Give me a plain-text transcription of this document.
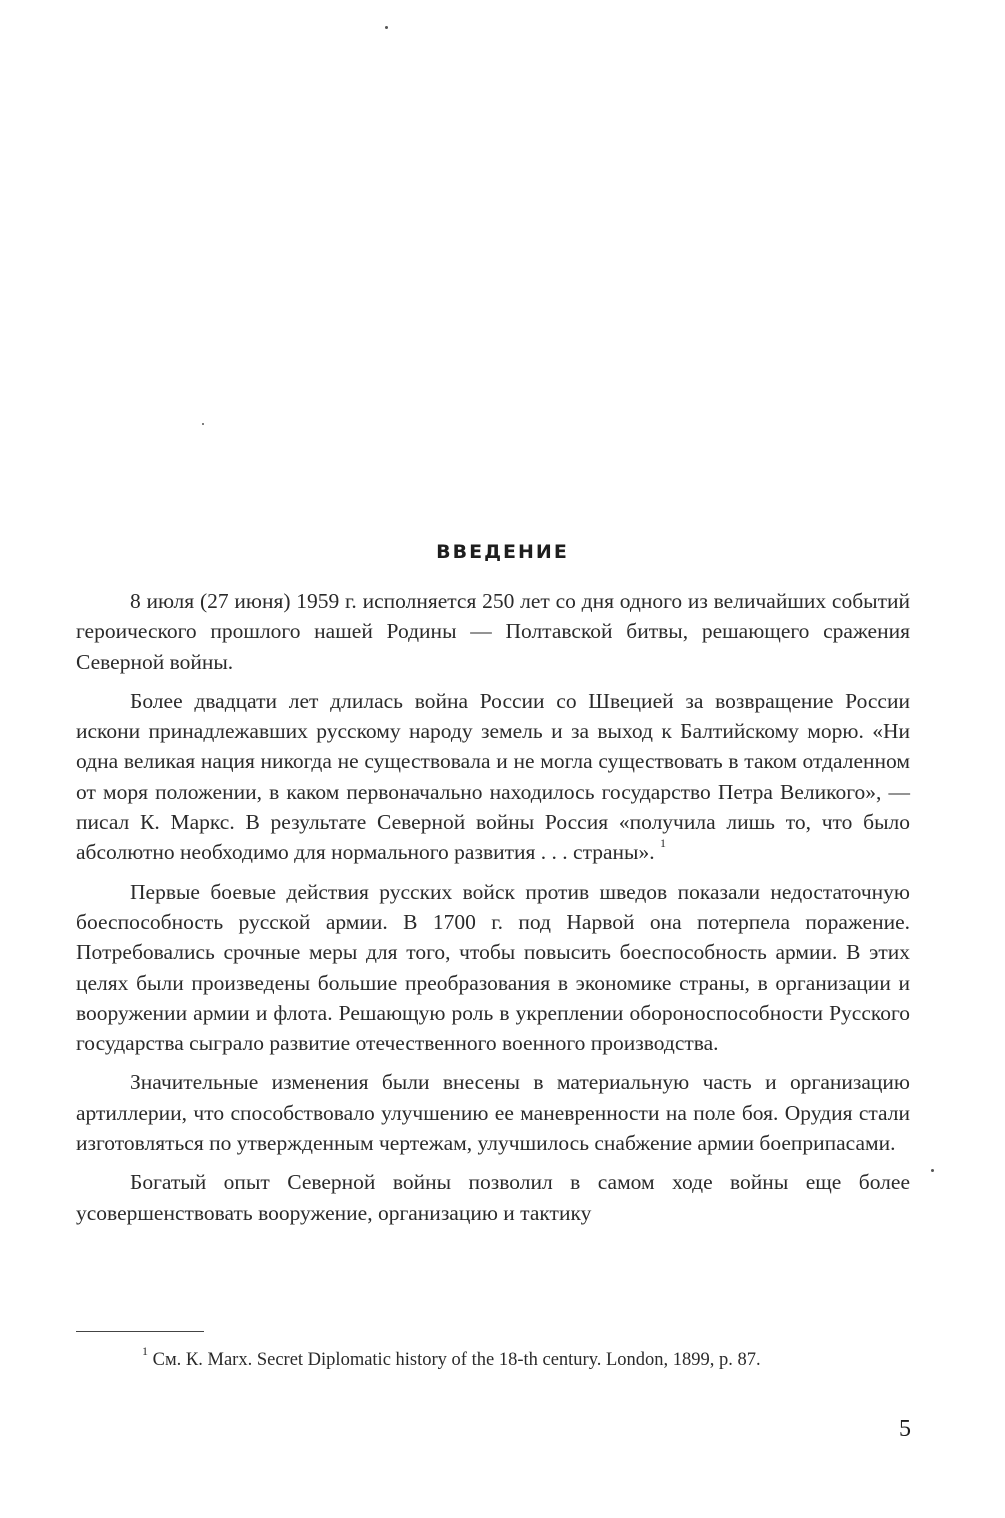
ВВЕДЕНИЕ

8 июля (27 июня) 1959 г. исполняется 250 лет со дня одного из величайших событий героического прошлого нашей Родины — Полтавской битвы, решающего сражения Северной войны.

Более двадцати лет длилась война России со Швецией за возвращение России искони принадлежавших русскому народу земель и за выход к Балтийскому морю. «Ни одна великая нация никогда не существовала и не могла существовать в таком отдаленном от моря положении, в каком первоначально находилось государство Петра Великого», — писал К. Маркс. В результате Северной войны Россия «получила лишь то, что было абсолютно необходимо для нормального развития . . . страны». $^1$

Первые боевые действия русских войск против шведов показали недостаточную боеспособность русской армии. В 1700 г. под Нарвой она потерпела поражение. Потребовались срочные меры для того, чтобы повысить боеспособность армии. В этих целях были произведены большие преобразования в экономике страны, в организации и вооружении армии и флота. Решающую роль в укреплении обороноспособности Русского государства сыграло развитие отечественного военного производства.

Значительные изменения были внесены в материальную часть и организацию артиллерии, что способствовало улучшению ее маневренности на поле боя. Орудия стали изготовляться по утвержденным чертежам, улучшилось снабжение армии боеприпасами.

Богатый опыт Северной войны позволил в самом ходе войны еще более усовершенствовать вооружение, организацию и тактику

$^1$ См. К. Marx. Secret Diplomatic history of the 18-th century. London, 1899, p. 87.

5
